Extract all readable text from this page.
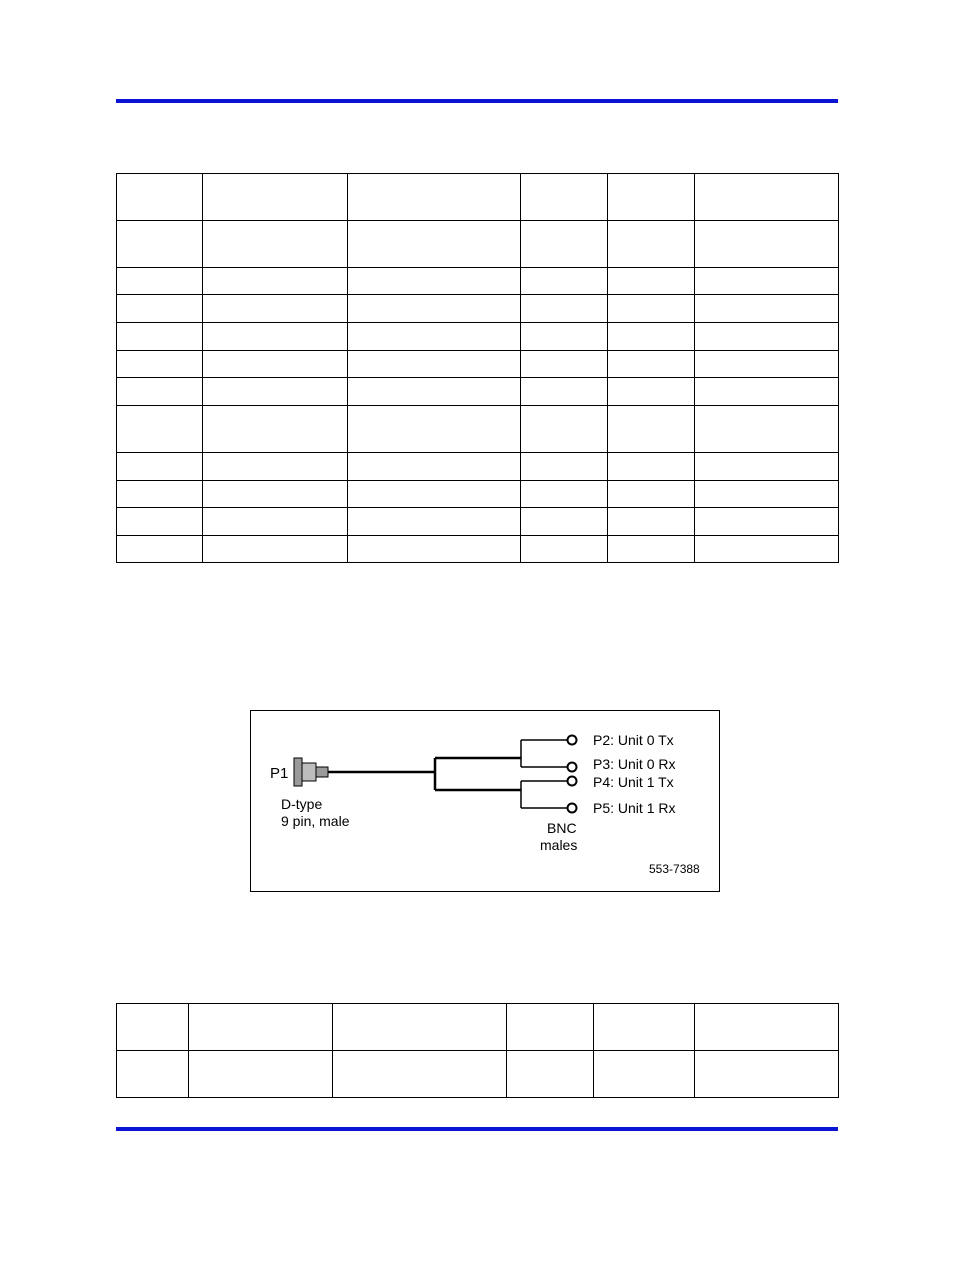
P1
D-type
9 pin, male
P2: Unit 0 Tx
P3: Unit 0 Rx
P4: Unit 1 Tx
P5: Unit 1 Rx
BNC
males
553-7388
